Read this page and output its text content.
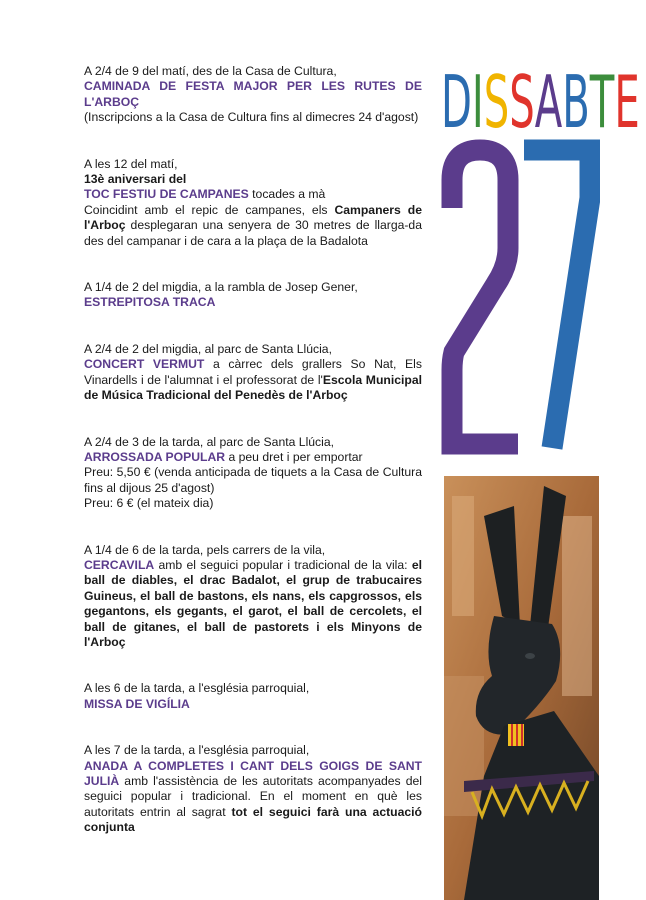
D I S S A B T E

A 2/4 de 9 del matí, des de la Casa de Cultura,

CAMINADA DE FESTA MAJOR PER LES RUTES DE L'ARBOÇ

(Inscripcions a la Casa de Cultura fins al dimecres 24 d'agost)

A les 12 del matí,

13è aniversari del

TOC FESTIU DE CAMPANES tocades a mà

Coincidint amb el repic de campanes, els Campaners de l'Arboç desplegaran una senyera de 30 metres de llarga-da des del campanar i de cara a la plaça de la Badalota

A 1/4 de 2 del migdia, a la rambla de Josep Gener,

ESTREPITOSA TRACA

A 2/4 de 2 del migdia, al parc de Santa Llúcia,

CONCERT VERMUT a càrrec dels grallers So Nat, Els Vinardells i de l'alumnat i el professorat de l'Escola Municipal de Música Tradicional del Penedès de l'Arboç

A 2/4 de 3 de la tarda, al parc de Santa Llúcia,

ARROSSADA POPULAR a peu dret i per emportar

Preu: 5,50 € (venda anticipada de tiquets a la Casa de Cultura fins al dijous 25 d'agost)

Preu: 6 € (el mateix dia)

A 1/4 de 6 de la tarda, pels carrers de la vila,

CERCAVILA amb el seguici popular i tradicional de la vila: el ball de diables, el drac Badalot, el grup de trabucaires Guineus, el ball de bastons, els nans, els capgrossos, els gegantons, els gegants, el garot, el ball de cercolets, el ball de gitanes, el ball de pastorets i els Minyons de l'Arboç

A les 6 de la tarda, a l'església parroquial,

MISSA DE VIGÍLIA

A les 7 de la tarda, a l'església parroquial,

ANADA A COMPLETES I CANT DELS GOIGS DE SANT JULIÀ amb l'assistència de les autoritats acompanyades del seguici popular i tradicional. En el moment en què les autoritats entrin al sagrat tot el seguici farà una actuació conjunta
